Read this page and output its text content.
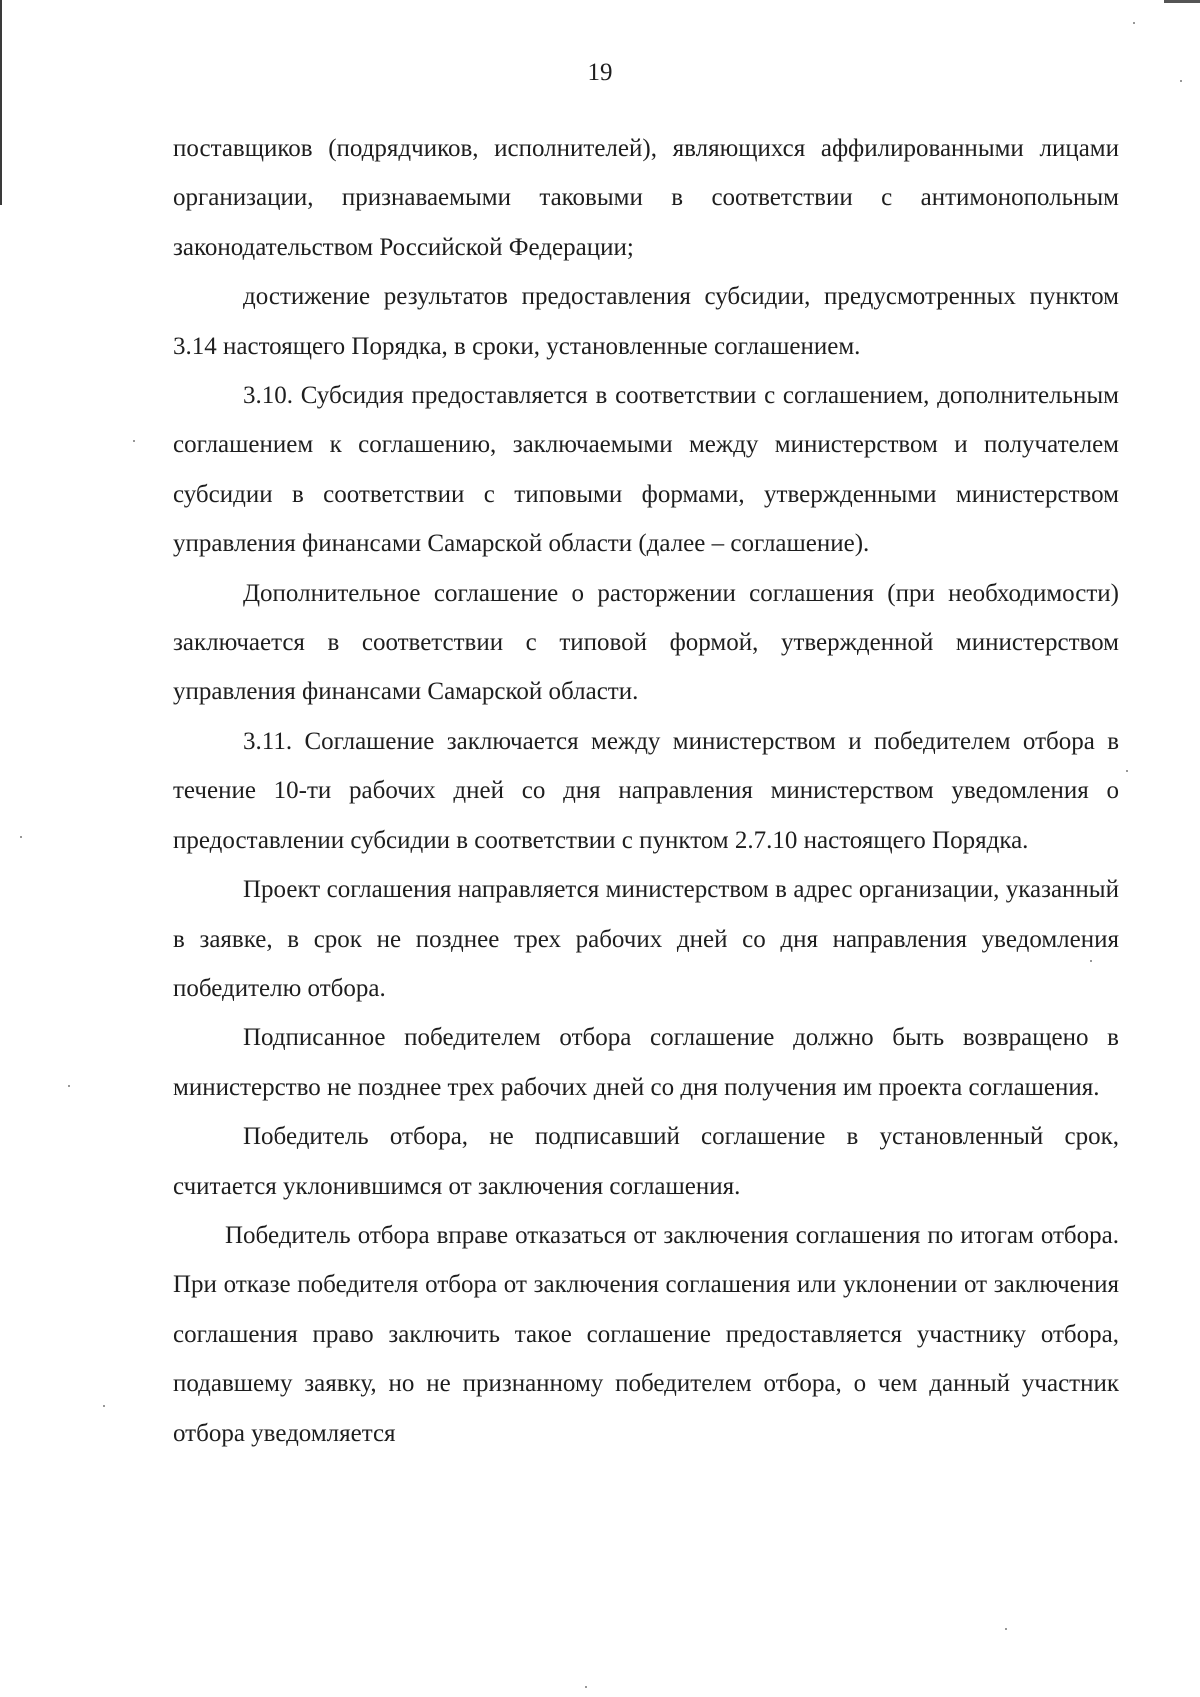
19

поставщиков (подрядчиков, исполнителей), являющихся аффилированными лицами организации, признаваемыми таковыми в соответствии с антимонопольным законодательством Российской Федерации;

достижение результатов предоставления субсидии, предусмотренных пунктом 3.14 настоящего Порядка, в сроки, установленные соглашением.

3.10. Субсидия предоставляется в соответствии с соглашением, дополнительным соглашением к соглашению, заключаемыми между министерством и получателем субсидии в соответствии с типовыми формами, утвержденными министерством управления финансами Самарской области (далее – соглашение).

Дополнительное соглашение о расторжении соглашения (при необходимости) заключается в соответствии с типовой формой, утвержденной министерством управления финансами Самарской области.

3.11. Соглашение заключается между министерством и победителем отбора в течение 10-ти рабочих дней со дня направления министерством уведомления о предоставлении субсидии в соответствии с пунктом 2.7.10 настоящего Порядка.

Проект соглашения направляется министерством в адрес организации, указанный в заявке, в срок не позднее трех рабочих дней со дня направления уведомления победителю отбора.

Подписанное победителем отбора соглашение должно быть возвращено в министерство не позднее трех рабочих дней со дня получения им проекта соглашения.

Победитель отбора, не подписавший соглашение в установленный срок, считается уклонившимся от заключения соглашения.

Победитель отбора вправе отказаться от заключения соглашения по итогам отбора. При отказе победителя отбора от заключения соглашения или уклонении от заключения соглашения право заключить такое соглашение предоставляется участнику отбора, подавшему заявку, но не признанному победителем отбора, о чем данный участник отбора уведомляется
